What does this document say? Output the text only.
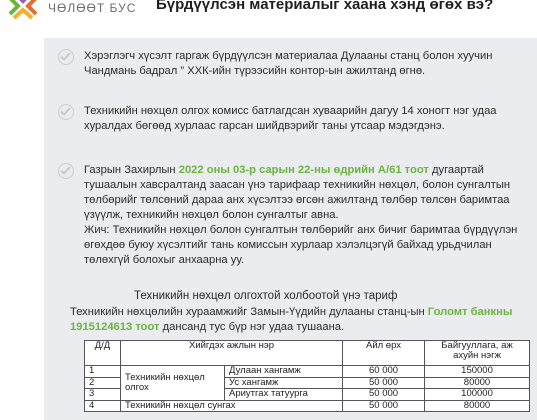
ЧӨЛӨӨТ БУС Бүрдүүлсэн материалыг хаана хэнд өгөх вэ?
Хэрэглэгч хүсэлт гаргаж бүрдүүлсэн материалаа Дулааны станц болон хуучин Чандмань бадрал ” ХХК-ийн түрээсийн контор-ын ажилтанд өгнө.
Техникийн нөхцөл олгох комисс батлагдсан хуваарийн дагуу 14 хоногт нэг удаа хуралдах бөгөөд хурлаас гарсан шийдвэрийг таны утсаар мэдэгдэнэ.
Газрын Захирлын 2022 оны 03-р сарын 22-ны өдрийн А/61 тоот дугаартай тушаалын хавсралтанд заасан үнэ тарифаар техникийн нөхцөл, болон сунгалтын төлбөрийг төлсөний дараа анх хүсэлтээ өгсөн ажилтанд төлбөр төлсөн баримтаа үзүүлж, техникийн нөхцөл болон сунгалтыг авна.
Жич: Техникийн нөхцөл болон сунгалтын төлбөрийг анх бичиг баримтаа бүрдүүлэн өгөхдөө буюу хүсэлтийг тань комиссын хурлаар хэлэлцэгүй байхад урьдчилан төлөхгүй болохыг анхаарна уу.
Техникийн нөхцөл олгохтой холбоотой үнэ тариф
Техникийн нөхцөлийн хураамжийг Замын-Үүдийн дулааны станц-ын Голомт банкны 1915124613 тоот дансанд тус бүр нэг удаа тушаана.
Д/Д	Хийгдэх ажлын нэр		Айл өрх	Байгууллага, аж ахуйн нэгж
1	Техникийн нөхцөл олгох	Дулаан хангамж	60 000	150000
2		Ус хангамж	50 000	80000
3		Ариутгах татуурга	50 000	100000
4	Техникийн нөхцөл сунгах		50 000	80000
